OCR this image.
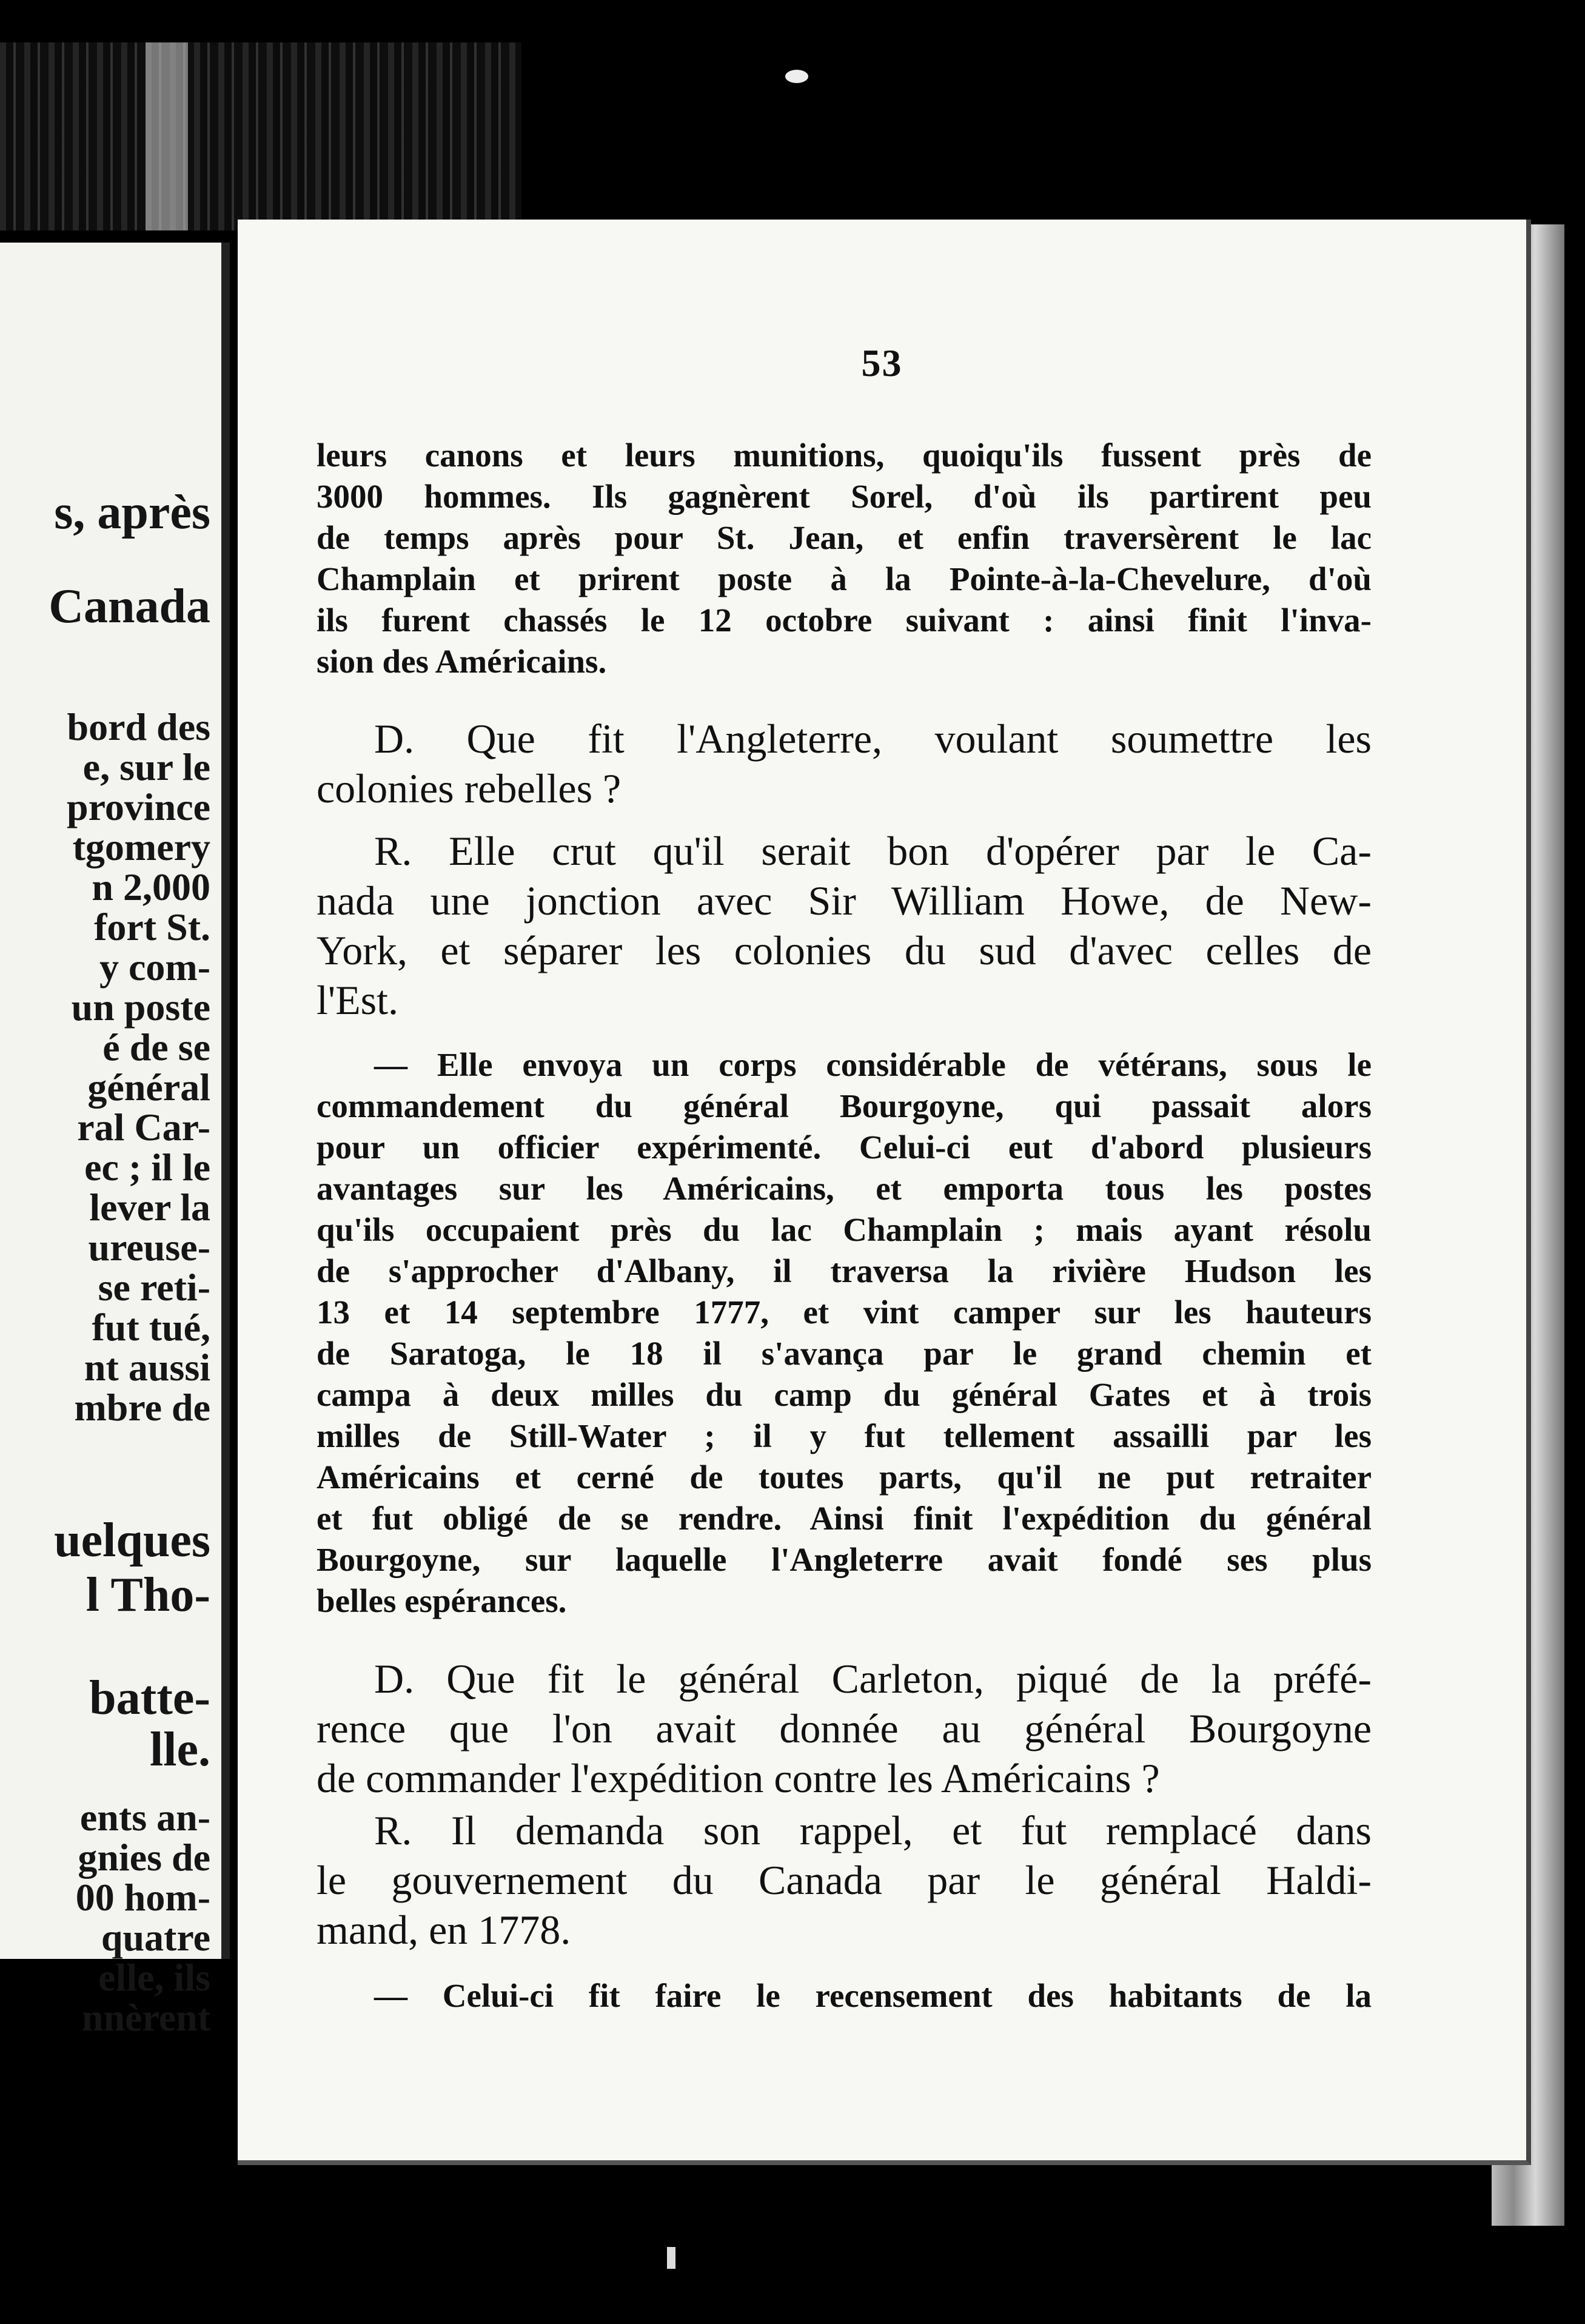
s, après
Canada
bord des
e, sur le
province
tgomery
n 2,000
fort St.
y com-
un poste
é de se
général
ral Car-
ec ; il le
lever la
ureuse-
se reti-
fut tué,
nt aussi
mbre de
uelques
l Tho-
batte-
lle.
ents an-
gnies de
00 hom-
quatre
elle, ils
nnèrent
53
leurs canons et leurs munitions, quoiqu'ils fussent près de
3000 hommes. Ils gagnèrent Sorel, d'où ils partirent peu
de temps après pour St. Jean, et enfin traversèrent le lac
Champlain et prirent poste à la Pointe-à-la-Chevelure, d'où
ils furent chassés le 12 octobre suivant : ainsi finit l'inva-
sion des Américains.
D. Que fit l'Angleterre, voulant soumettre les
colonies rebelles ?
R. Elle crut qu'il serait bon d'opérer par le Ca-
nada une jonction avec Sir William Howe, de New-
York, et séparer les colonies du sud d'avec celles de
l'Est.
— Elle envoya un corps considérable de vétérans, sous le
commandement du général Bourgoyne, qui passait alors
pour un officier expérimenté. Celui-ci eut d'abord plusieurs
avantages sur les Américains, et emporta tous les postes
qu'ils occupaient près du lac Champlain ; mais ayant résolu
de s'approcher d'Albany, il traversa la rivière Hudson les
13 et 14 septembre 1777, et vint camper sur les hauteurs
de Saratoga, le 18 il s'avança par le grand chemin et
campa à deux milles du camp du général Gates et à trois
milles de Still-Water ; il y fut tellement assailli par les
Américains et cerné de toutes parts, qu'il ne put retraiter
et fut obligé de se rendre. Ainsi finit l'expédition du général
Bourgoyne, sur laquelle l'Angleterre avait fondé ses plus
belles espérances.
D. Que fit le général Carleton, piqué de la préfé-
rence que l'on avait donnée au général Bourgoyne
de commander l'expédition contre les Américains ?
R. Il demanda son rappel, et fut remplacé dans
le gouvernement du Canada par le général Haldi-
mand, en 1778.
— Celui-ci fit faire le recensement des habitants de la
